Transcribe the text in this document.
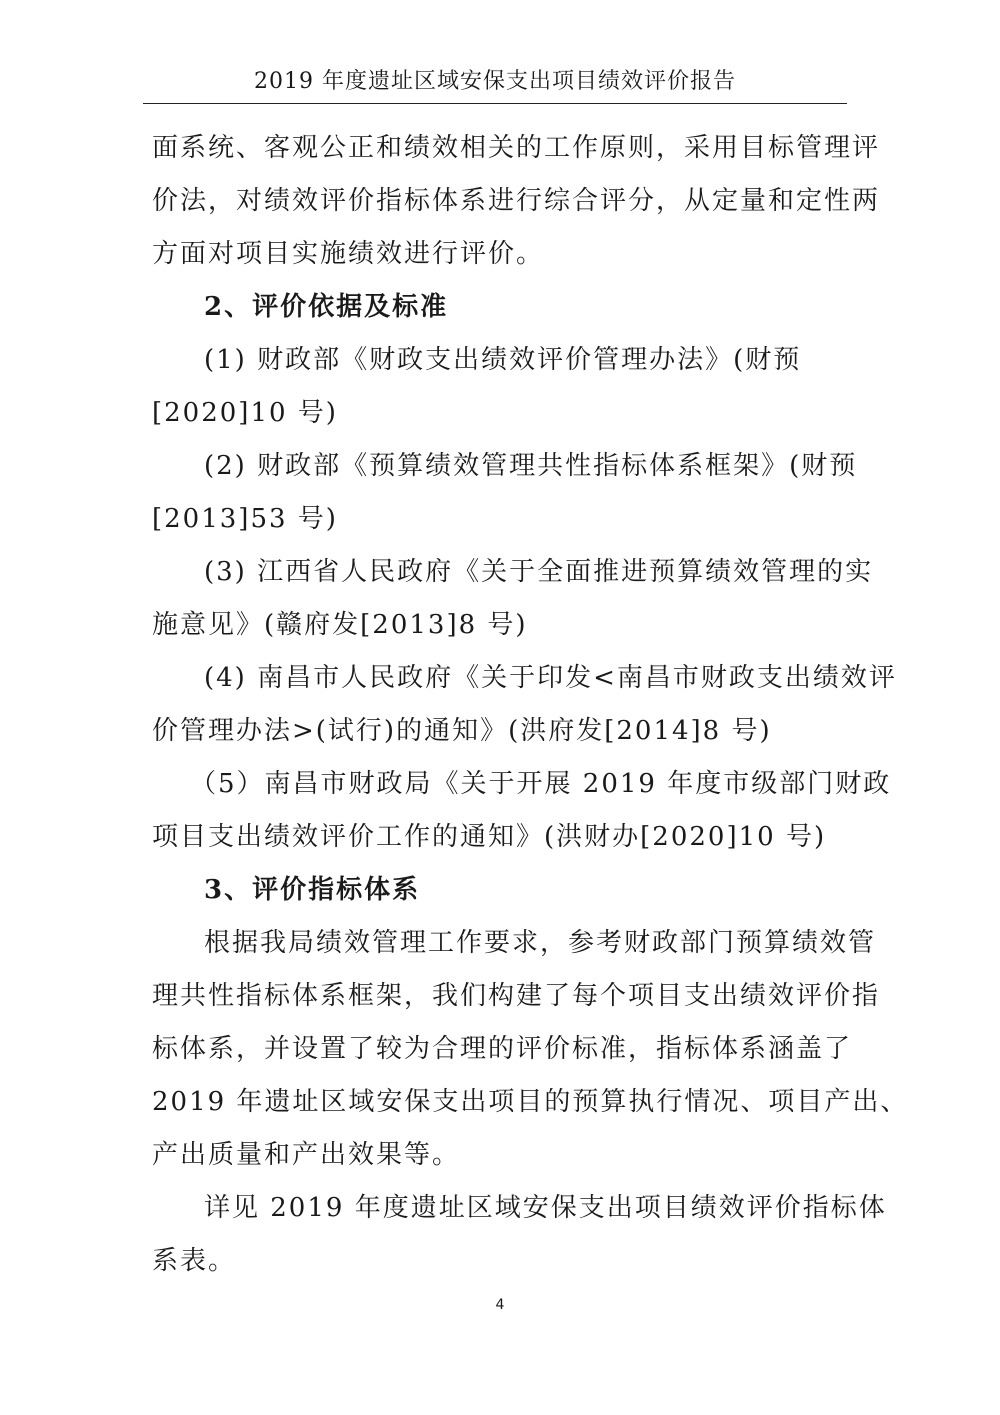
2019 年度遗址区域安保支出项目绩效评价报告
面系统、客观公正和绩效相关的工作原则，采用目标管理评
价法，对绩效评价指标体系进行综合评分，从定量和定性两
方面对项目实施绩效进行评价。
2、评价依据及标准
(1) 财政部《财政支出绩效评价管理办法》(财预
[2020]10 号)
(2) 财政部《预算绩效管理共性指标体系框架》(财预
[2013]53 号)
(3) 江西省人民政府《关于全面推进预算绩效管理的实
施意见》(赣府发[2013]8 号)
(4) 南昌市人民政府《关于印发<南昌市财政支出绩效评
价管理办法>(试行)的通知》(洪府发[2014]8 号)
（5）南昌市财政局《关于开展 2019 年度市级部门财政
项目支出绩效评价工作的通知》(洪财办[2020]10 号)
3、评价指标体系
根据我局绩效管理工作要求，参考财政部门预算绩效管
理共性指标体系框架，我们构建了每个项目支出绩效评价指
标体系，并设置了较为合理的评价标准，指标体系涵盖了
2019 年遗址区域安保支出项目的预算执行情况、项目产出、
产出质量和产出效果等。
详见 2019 年度遗址区域安保支出项目绩效评价指标体
系表。
4
